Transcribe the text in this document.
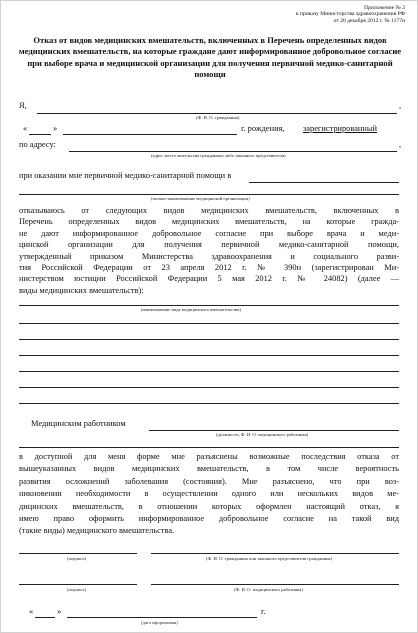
Приложение № 2
к приказу Министерства здравоохранения РФ
от 20 декабря 2012 г. № 1177н
Отказ от видов медицинских вмешательств, включенных в Перечень определенных видов медицинских вмешательств, на которые граждане дают информированное добровольное согласие при выборе врача и медицинской организации для получения первичной медико-санитарной помощи
Я,	,
(Ф. И. О. гражданина)
«	»	г. рождения, зарегистрированный
по адресу:	,
(адрес места жительства гражданина либо законного представителя)
при оказании мне первичной медико-санитарной помощи в
(полное наименование медицинской организации)
отказываюсь от следующих видов медицинских вмешательств, включенных в
Перечень определенных видов медицинских вмешательств, на которые гражда-
не дают информированное добровольное согласие при выборе врача и меди-
цинской организации для получения первичной медико-санитарной помощи,
утвержденный приказом Министерства здравоохранения и социального разви-
тия Российской Федерации от 23 апреля 2012 г. № 390н (зарегистрирован Ми-
нистерством юстиции Российской Федерации 5 мая 2012 г. № 24082) (далее —
виды медицинских вмешательств):
(наименование вида медицинского вмешательства)
Медицинским работником
(должность, Ф. И. О. медицинского работника)
в доступной для меня форме мне разъяснены возможные последствия отказа от
вышеуказанных видов медицинских вмешательств, в том числе вероятность
развития осложнений заболевания (состояния). Мне разъяснено, что при воз-
никновении необходимости в осуществлении одного или нескольких видов ме-
дицинских вмешательств, в отношении которых оформлен настоящий отказ, я
имею право оформить информированное добровольное согласие на такой вид
(такие виды) медицинского вмешательства.
(подпись)	(Ф. И. О. гражданина или законного представителя гражданина)
(подпись)	(Ф. И. О. медицинского работника)
«	»	г.
(дата оформления)
